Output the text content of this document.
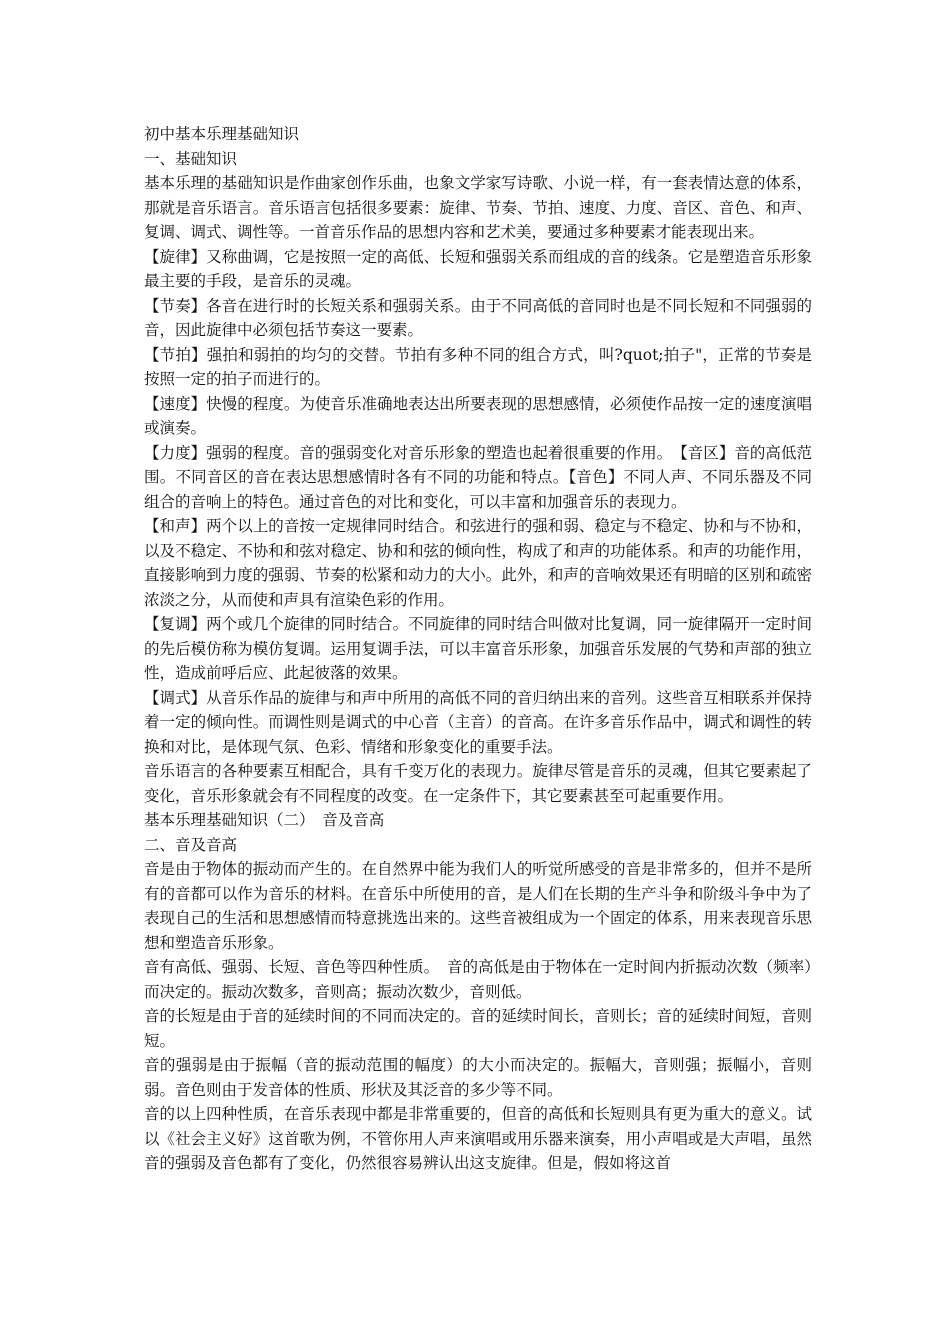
初中基本乐理基础知识

一、基础知识

基本乐理的基础知识是作曲家创作乐曲，也象文学家写诗歌、小说一样，有一套表情达意的体系，那就是音乐语言。音乐语言包括很多要素：旋律、节奏、节拍、速度、力度、音区、音色、和声、复调、调式、调性等。一首音乐作品的思想内容和艺术美，要通过多种要素才能表现出来。

【旋律】又称曲调，它是按照一定的高低、长短和强弱关系而组成的音的线条。它是塑造音乐形象最主要的手段，是音乐的灵魂。

【节奏】各音在进行时的长短关系和强弱关系。由于不同高低的音同时也是不同长短和不同强弱的音，因此旋律中必须包括节奏这一要素。

【节拍】强拍和弱拍的均匀的交替。节拍有多种不同的组合方式，叫?quot;拍子"，正常的节奏是按照一定的拍子而进行的。

【速度】快慢的程度。为使音乐准确地表达出所要表现的思想感情，必须使作品按一定的速度演唱或演奏。

【力度】强弱的程度。音的强弱变化对音乐形象的塑造也起着很重要的作用。　【音区】音的高低范围。不同音区的音在表达思想感情时各有不同的功能和特点。【音色】不同人声、不同乐器及不同组合的音响上的特色。通过音色的对比和变化，可以丰富和加强音乐的表现力。

【和声】两个以上的音按一定规律同时结合。和弦进行的强和弱、稳定与不稳定、协和与不协和，以及不稳定、不协和和弦对稳定、协和和弦的倾向性，构成了和声的功能体系。和声的功能作用，直接影响到力度的强弱、节奏的松紧和动力的大小。此外，和声的音响效果还有明暗的区别和疏密浓淡之分，从而使和声具有渲染色彩的作用。

【复调】两个或几个旋律的同时结合。不同旋律的同时结合叫做对比复调，同一旋律隔开一定时间的先后模仿称为模仿复调。运用复调手法，可以丰富音乐形象，加强音乐发展的气势和声部的独立性，造成前呼后应、此起彼落的效果。

【调式】从音乐作品的旋律与和声中所用的高低不同的音归纳出来的音列。这些音互相联系并保持着一定的倾向性。而调性则是调式的中心音（主音）的音高。在许多音乐作品中，调式和调性的转换和对比，是体现气氛、色彩、情绪和形象变化的重要手法。

音乐语言的各种要素互相配合，具有千变万化的表现力。旋律尽管是音乐的灵魂，但其它要素起了变化，音乐形象就会有不同程度的改变。在一定条件下，其它要素甚至可起重要作用。

基本乐理基础知识（二）　音及音高

二、音及音高

音是由于物体的振动而产生的。在自然界中能为我们人的听觉所感受的音是非常多的，但并不是所有的音都可以作为音乐的材料。在音乐中所使用的音，是人们在长期的生产斗争和阶级斗争中为了表现自己的生活和思想感情而特意挑选出来的。这些音被组成为一个固定的体系，用来表现音乐思想和塑造音乐形象。

音有高低、强弱、长短、音色等四种性质。　音的高低是由于物体在一定时间内折振动次数（频率）而决定的。振动次数多，音则高；振动次数少，音则低。

音的长短是由于音的延续时间的不同而决定的。音的延续时间长，音则长；音的延续时间短，音则短。

音的强弱是由于振幅（音的振动范围的幅度）的大小而决定的。振幅大，音则强；振幅小，音则弱。音色则由于发音体的性质、形状及其泛音的多少等不同。

音的以上四种性质，在音乐表现中都是非常重要的，但音的高低和长短则具有更为重大的意义。试以《社会主义好》这首歌为例，不管你用人声来演唱或用乐器来演奏，用小声唱或是大声唱，虽然音的强弱及音色都有了变化，仍然很容易辨认出这支旋律。但是，假如将这首
